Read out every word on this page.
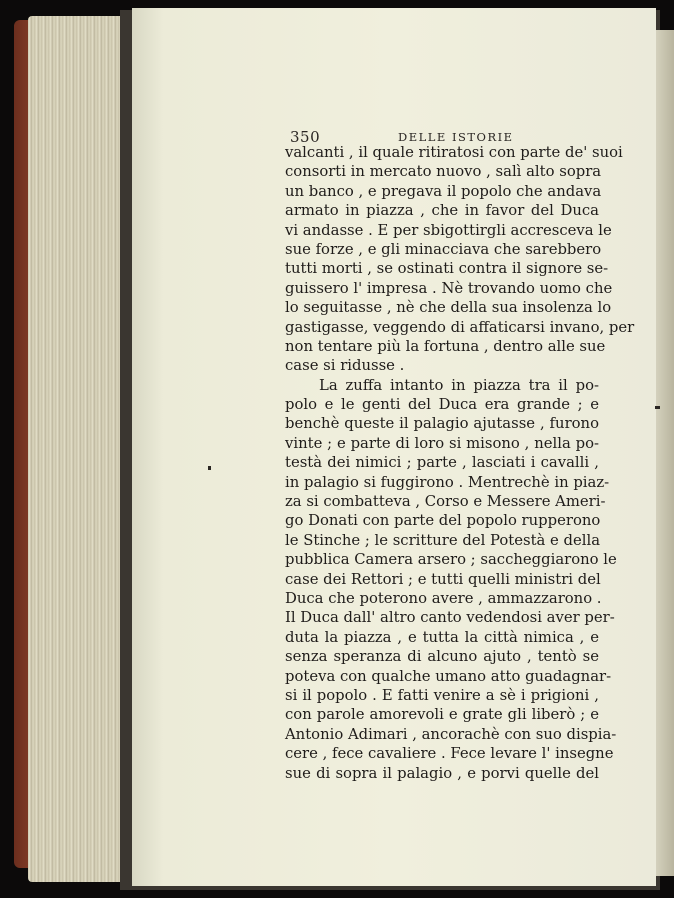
350	DELLE ISTORIE
valcanti , il quale ritiratosi con parte de' suoi
consorti in mercato nuovo , salì alto sopra
un banco , e pregava il popolo che andava
armato in piazza , che in favor del Duca
vi andasse . E per sbigottirgli accresceva le
sue forze , e gli minacciava che sarebbero
tutti morti , se ostinati contra il signore se-
guissero l' impresa . Nè trovando uomo che
lo seguitasse , nè che della sua insolenza lo
gastigasse, veggendo di affaticarsi invano, per
non tentare più la fortuna , dentro alle sue
case si ridusse .
La zuffa intanto in piazza tra il po-
polo e le genti del Duca era grande ; e
benchè queste il palagio ajutasse , furono
vinte ; e parte di loro si misono , nella po-
testà dei nimici ; parte , lasciati i cavalli ,
in palagio si fuggirono . Mentrechè in piaz-
za si combatteva , Corso e Messere Ameri-
go Donati con parte del popolo rupperono
le Stinche ; le scritture del Potestà e della
pubblica Camera arsero ; saccheggiarono le
case dei Rettori ; e tutti quelli ministri del
Duca che poterono avere , ammazzarono .
Il Duca dall' altro canto vedendosi aver per-
duta la piazza , e tutta la città nimica , e
senza speranza di alcuno ajuto , tentò se
poteva con qualche umano atto guadagnar-
si il popolo . E fatti venire a sè i prigioni ,
con parole amorevoli e grate gli liberò ; e
Antonio Adimari , ancorachè con suo dispia-
cere , fece cavaliere . Fece levare l' insegne
sue di sopra il palagio , e porvi quelle del
